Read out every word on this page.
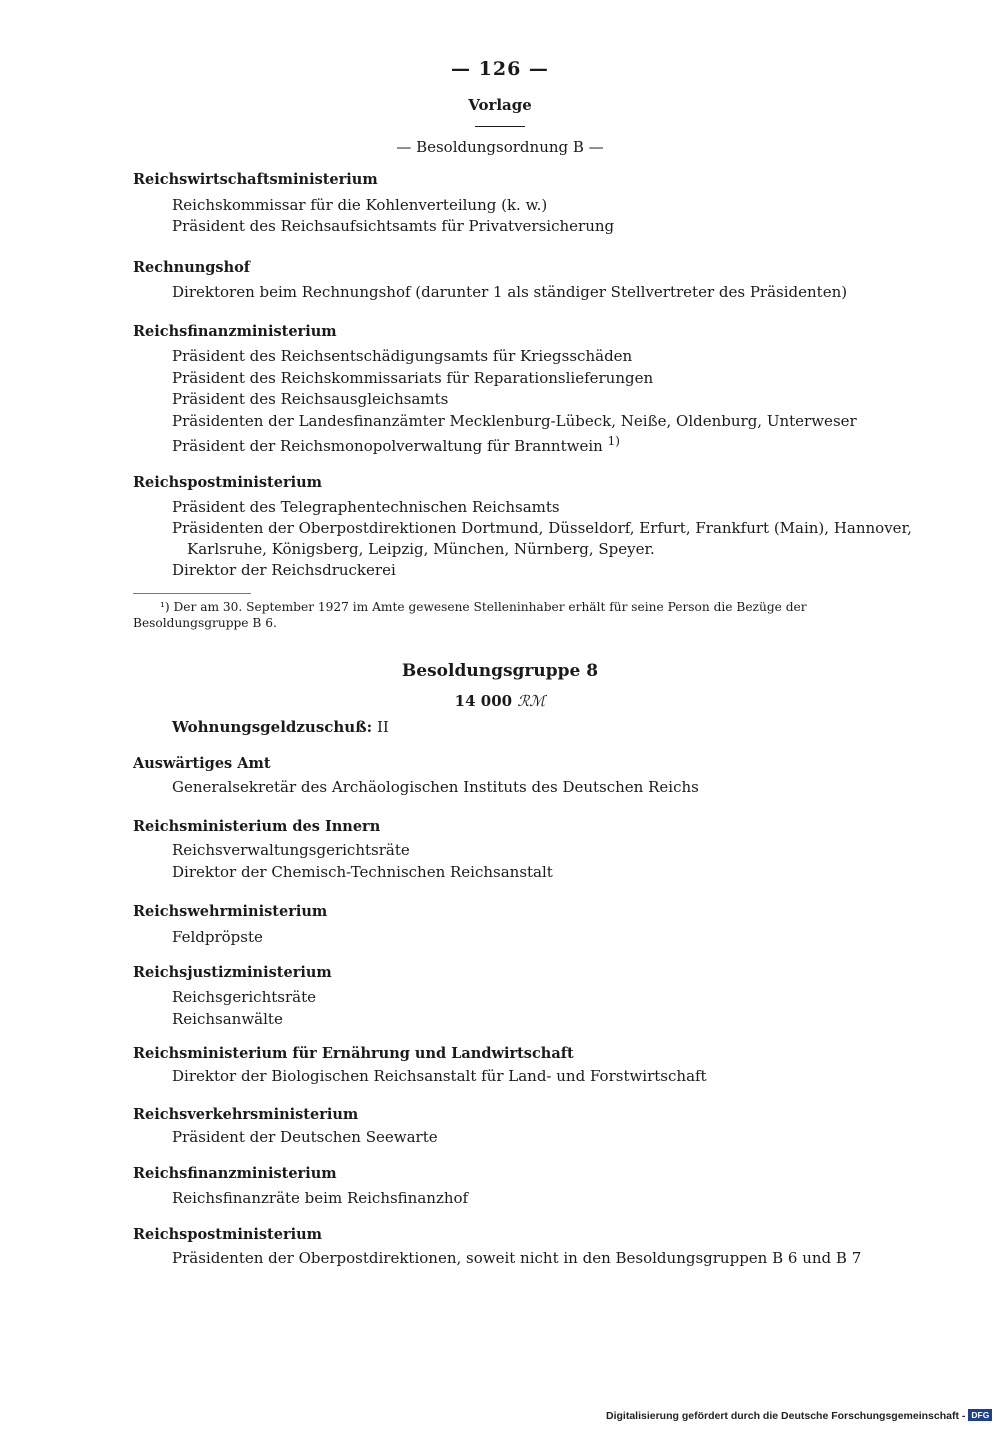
— 126 —
Vorlage
— Besoldungsordnung B —
Reichswirtschaftsministerium
Reichskommissar für die Kohlenverteilung (k. w.)
Präsident des Reichsaufsichtsamts für Privatversicherung
Rechnungshof
Direktoren beim Rechnungshof (darunter 1 als ständiger Stellvertreter des Präsidenten)
Reichsfinanzministerium
Präsident des Reichsentschädigungsamts für Kriegsschäden
Präsident des Reichskommissariats für Reparationslieferungen
Präsident des Reichsausgleichsamts
Präsidenten der Landesfinanzämter Mecklenburg-Lübeck, Neiße, Oldenburg, Unterweser
Präsident der Reichsmonopolverwaltung für Branntwein $^{1)}$
Reichspostministerium
Präsident des Telegraphentechnischen Reichsamts
Präsidenten der Oberpostdirektionen Dortmund, Düsseldorf, Erfurt, Frankfurt (Main), Hannover,
Karlsruhe, Königsberg, Leipzig, München, Nürnberg, Speyer.
Direktor der Reichsdruckerei
¹) Der am 30. September 1927 im Amte gewesene Stelleninhaber erhält für seine Person die Bezüge der
Besoldungsgruppe B 6.
Besoldungsgruppe 8
14 000 ℛℳ
Wohnungsgeldzuschuß: II
Auswärtiges Amt
Generalsekretär des Archäologischen Instituts des Deutschen Reichs
Reichsministerium des Innern
Reichsverwaltungsgerichtsräte
Direktor der Chemisch-Technischen Reichsanstalt
Reichswehrministerium
Feldpröpste
Reichsjustizministerium
Reichsgerichtsräte
Reichsanwälte
Reichsministerium für Ernährung und Landwirtschaft
Direktor der Biologischen Reichsanstalt für Land- und Forstwirtschaft
Reichsverkehrsministerium
Präsident der Deutschen Seewarte
Reichsfinanzministerium
Reichsfinanzräte beim Reichsfinanzhof
Reichspostministerium
Präsidenten der Oberpostdirektionen, soweit nicht in den Besoldungsgruppen B 6 und B 7
Digitalisierung gefördert durch die Deutsche Forschungsgemeinschaft - DFG
